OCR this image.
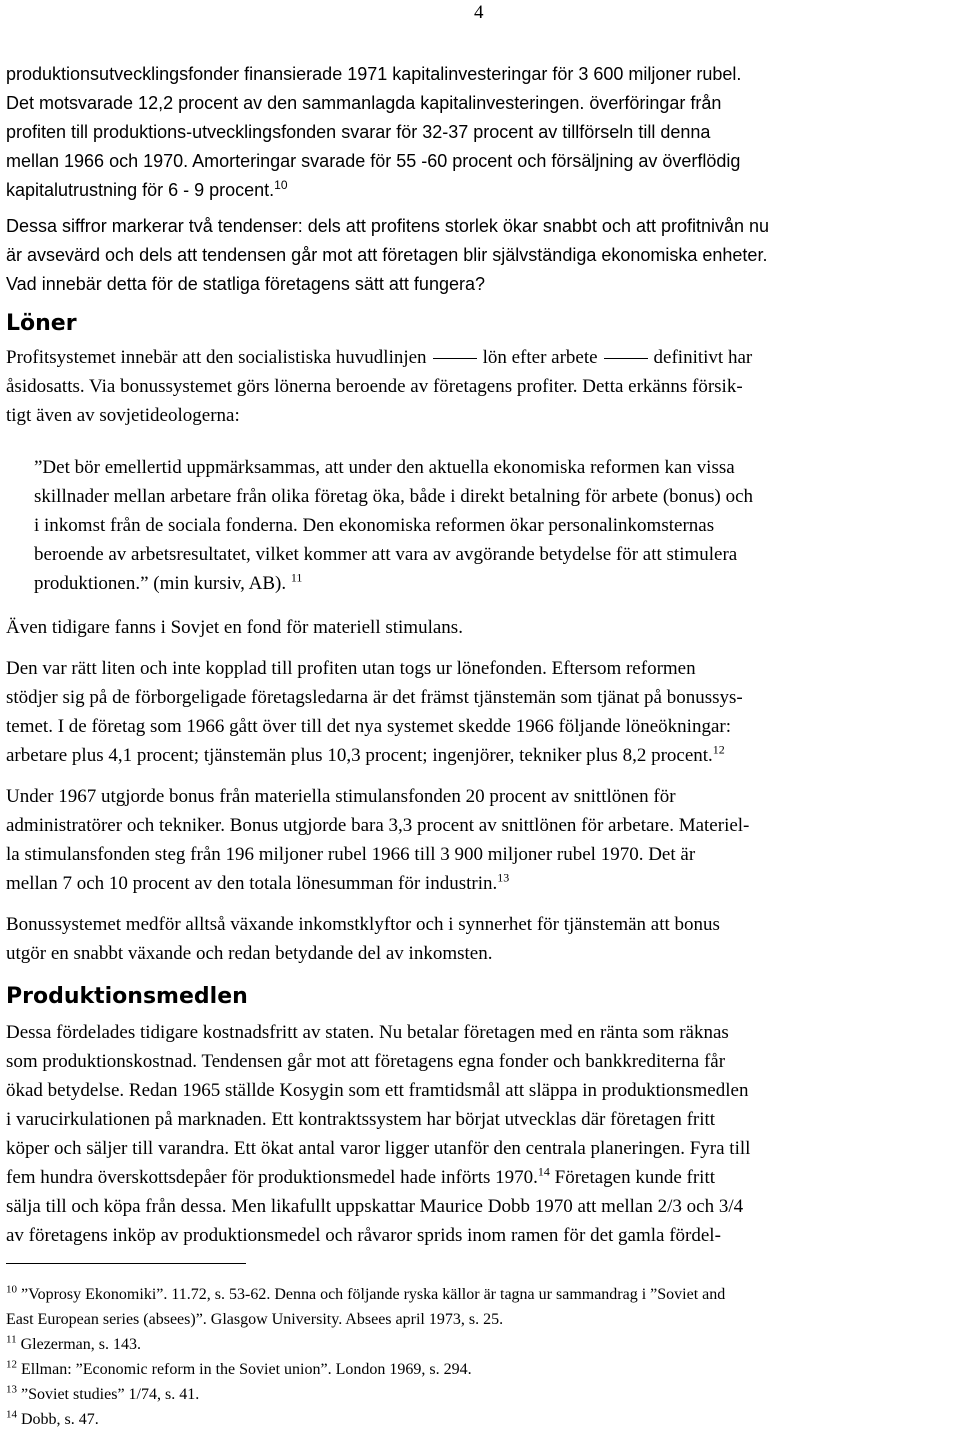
4

produktionsutvecklingsfonder finansierade 1971 kapitalinvesteringar för 3 600 miljoner rubel.

Det motsvarade 12,2 procent av den sammanlagda kapitalinvesteringen. överföringar från

profiten till produktions-utvecklingsfonden svarar för 32-37 procent av tillförseln till denna

mellan 1966 och 1970. Amorteringar svarade för 55 -60 procent och försäljning av överflödig

kapitalutrustning för 6 - 9 procent.$^{10}$

Dessa siffror markerar två tendenser: dels att profitens storlek ökar snabbt och att profitnivån nu

är avsevärd och dels att tendensen går mot att företagen blir självständiga ekonomiska enheter.

Vad innebär detta för de statliga företagens sätt att fungera?

Löner

Profitsystemet innebär att den socialistiska huvudlinjen	lön efter arbete	definitivt har

åsidosatts. Via bonussystemet görs lönerna beroende av företagens profiter. Detta erkänns försik-

tigt även av sovjetideologerna:

”Det bör emellertid uppmärksammas, att under den aktuella ekonomiska reformen kan vissa

skillnader mellan arbetare från olika företag öka, både i direkt betalning för arbete (bonus) och

i inkomst från de sociala fonderna. Den ekonomiska reformen ökar personalinkomsternas

beroende av arbetsresultatet, vilket kommer att vara av avgörande betydelse för att stimulera

produktionen.” (min kursiv, AB). $^{11}$

Även tidigare fanns i Sovjet en fond för materiell stimulans.

Den var rätt liten och inte kopplad till profiten utan togs ur lönefonden. Eftersom reformen

stödjer sig på de förborgeligade företagsledarna är det främst tjänstemän som tjänat på bonussys-

temet. I de företag som 1966 gått över till det nya systemet skedde 1966 följande löneökningar:

arbetare plus 4,1 procent; tjänstemän plus 10,3 procent; ingenjörer, tekniker plus 8,2 procent.$^{12}$

Under 1967 utgjorde bonus från materiella stimulansfonden 20 procent av snittlönen för

administratörer och tekniker. Bonus utgjorde bara 3,3 procent av snittlönen för arbetare. Materiel-

la stimulansfonden steg från 196 miljoner rubel 1966 till 3 900 miljoner rubel 1970. Det är

mellan 7 och 10 procent av den totala lönesumman för industrin.$^{13}$

Bonussystemet medför alltså växande inkomstklyftor och i synnerhet för tjänstemän att bonus

utgör en snabbt växande och redan betydande del av inkomsten.

Produktionsmedlen

Dessa fördelades tidigare kostnadsfritt av staten. Nu betalar företagen med en ränta som räknas

som produktionskostnad. Tendensen går mot att företagens egna fonder och bankkrediterna får

ökad betydelse. Redan 1965 ställde Kosygin som ett framtidsmål att släppa in produktionsmedlen

i varucirkulationen på marknaden. Ett kontraktssystem har börjat utvecklas där företagen fritt

köper och säljer till varandra. Ett ökat antal varor ligger utanför den centrala planeringen. Fyra till

fem hundra överskottsdepåer för produktionsmedel hade införts 1970.14 Företagen kunde fritt

sälja till och köpa från dessa. Men likafullt uppskattar Maurice Dobb 1970 att mellan 2/3 och 3/4

av företagens inköp av produktionsmedel och råvaror sprids inom ramen för det gamla fördel-

$^{10}$ ”Voprosy Ekonomiki”. 11.72, s. 53-62. Denna och följande ryska källor är tagna ur sammandrag i ”Soviet and

East European series (absees)”. Glasgow University. Absees april 1973, s. 25.

$^{11}$ Glezerman, s. 143.

$^{12}$ Ellman: ”Economic reform in the Soviet union”. London 1969, s. 294.

$^{13}$ ”Soviet studies” 1/74, s. 41.

$^{14}$ Dobb, s. 47.
